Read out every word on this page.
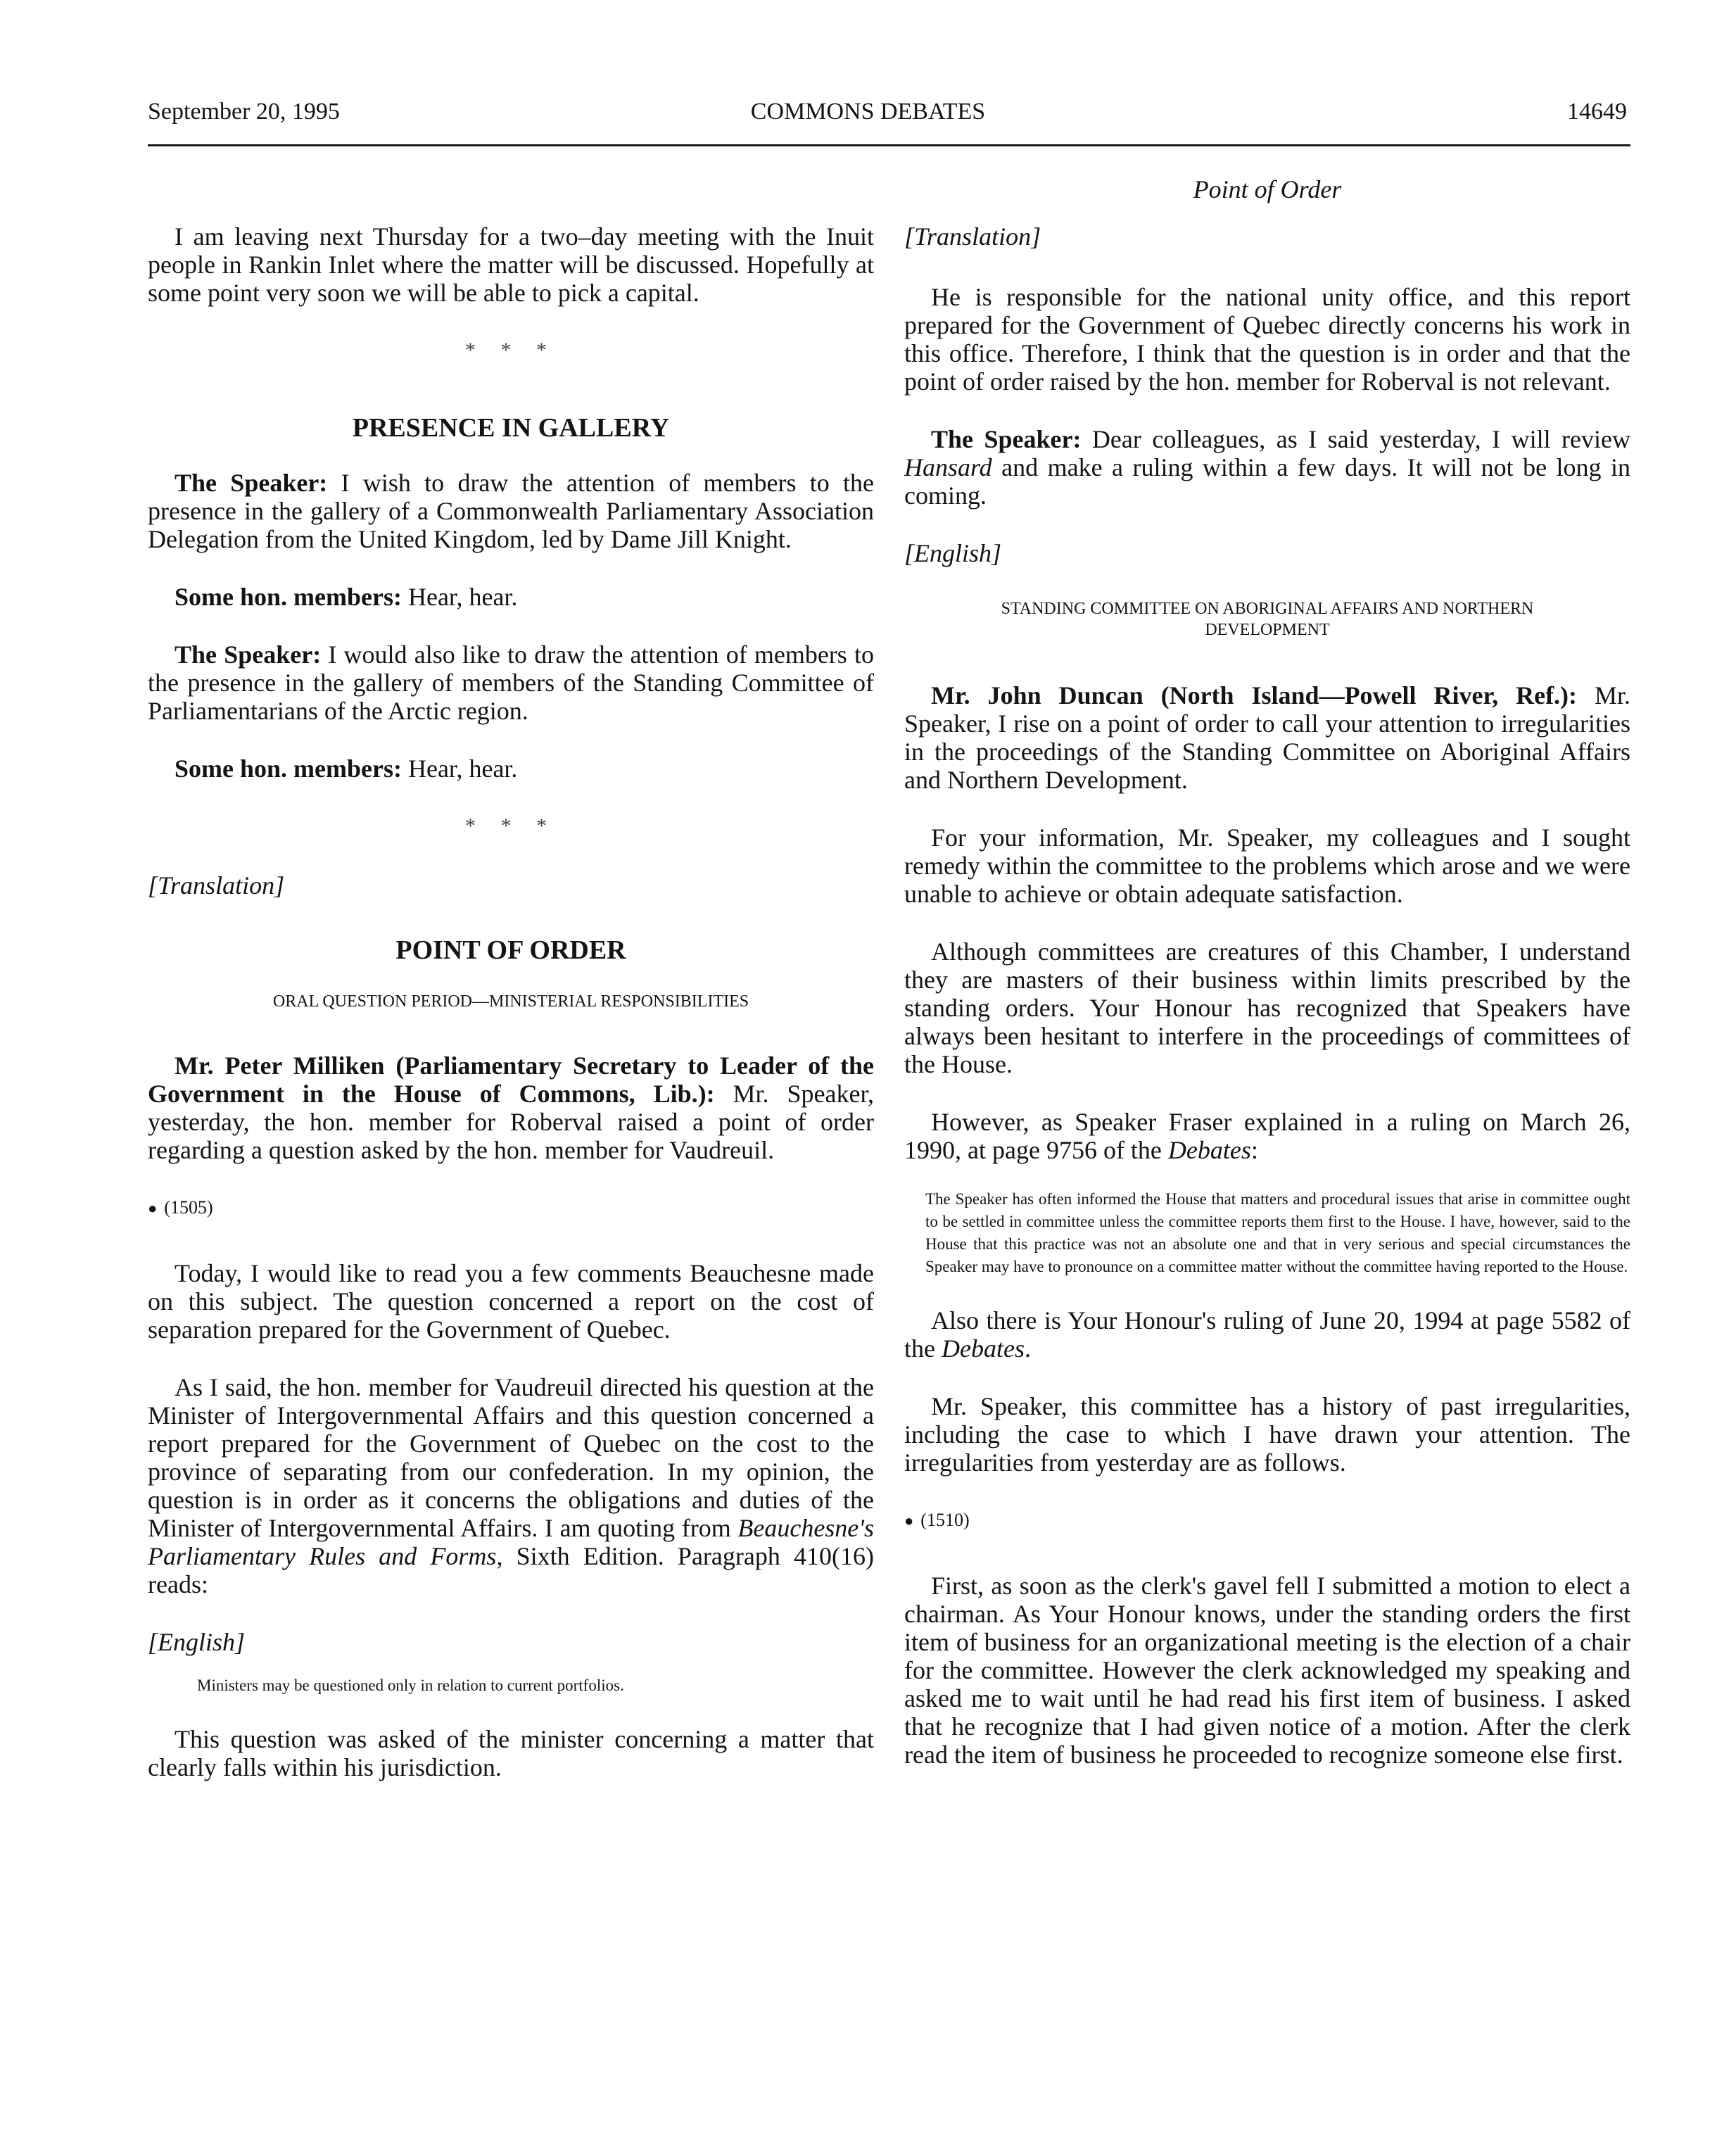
September 20, 1995	COMMONS DEBATES	14649
Point of Order

I am leaving next Thursday for a two–day meeting with the Inuit people in Rankin Inlet where the matter will be discussed. Hopefully at some point very soon we will be able to pick a capital.

* * *

PRESENCE IN GALLERY

The Speaker: I wish to draw the attention of members to the presence in the gallery of a Commonwealth Parliamentary Association Delegation from the United Kingdom, led by Dame Jill Knight.

Some hon. members: Hear, hear.

The Speaker: I would also like to draw the attention of members to the presence in the gallery of members of the Standing Committee of Parliamentarians of the Arctic region.

Some hon. members: Hear, hear.

* * *

[Translation]

POINT OF ORDER

ORAL QUESTION PERIOD—MINISTERIAL RESPONSIBILITIES

Mr. Peter Milliken (Parliamentary Secretary to Leader of the Government in the House of Commons, Lib.): Mr. Speaker, yesterday, the hon. member for Roberval raised a point of order regarding a question asked by the hon. member for Vaudreuil.

● (1505)

Today, I would like to read you a few comments Beauchesne made on this subject. The question concerned a report on the cost of separation prepared for the Government of Quebec.

As I said, the hon. member for Vaudreuil directed his question at the Minister of Intergovernmental Affairs and this question concerned a report prepared for the Government of Quebec on the cost to the province of separating from our confederation. In my opinion, the question is in order as it concerns the obligations and duties of the Minister of Intergovernmental Affairs. I am quoting from Beauchesne's Parliamentary Rules and Forms, Sixth Edition. Paragraph 410(16) reads:

[English]

Ministers may be questioned only in relation to current portfolios.

This question was asked of the minister concerning a matter that clearly falls within his jurisdiction.

[Translation]

He is responsible for the national unity office, and this report prepared for the Government of Quebec directly concerns his work in this office. Therefore, I think that the question is in order and that the point of order raised by the hon. member for Roberval is not relevant.

The Speaker: Dear colleagues, as I said yesterday, I will review Hansard and make a ruling within a few days. It will not be long in coming.

[English]

STANDING COMMITTEE ON ABORIGINAL AFFAIRS AND NORTHERN DEVELOPMENT

Mr. John Duncan (North Island—Powell River, Ref.): Mr. Speaker, I rise on a point of order to call your attention to irregularities in the proceedings of the Standing Committee on Aboriginal Affairs and Northern Development.

For your information, Mr. Speaker, my colleagues and I sought remedy within the committee to the problems which arose and we were unable to achieve or obtain adequate satisfaction.

Although committees are creatures of this Chamber, I understand they are masters of their business within limits prescribed by the standing orders. Your Honour has recognized that Speakers have always been hesitant to interfere in the proceedings of committees of the House.

However, as Speaker Fraser explained in a ruling on March 26, 1990, at page 9756 of the Debates:

The Speaker has often informed the House that matters and procedural issues that arise in committee ought to be settled in committee unless the committee reports them first to the House. I have, however, said to the House that this practice was not an absolute one and that in very serious and special circumstances the Speaker may have to pronounce on a committee matter without the committee having reported to the House.

Also there is Your Honour's ruling of June 20, 1994 at page 5582 of the Debates.

Mr. Speaker, this committee has a history of past irregularities, including the case to which I have drawn your attention. The irregularities from yesterday are as follows.

● (1510)

First, as soon as the clerk's gavel fell I submitted a motion to elect a chairman. As Your Honour knows, under the standing orders the first item of business for an organizational meeting is the election of a chair for the committee. However the clerk acknowledged my speaking and asked me to wait until he had read his first item of business. I asked that he recognize that I had given notice of a motion. After the clerk read the item of business he proceeded to recognize someone else first.
